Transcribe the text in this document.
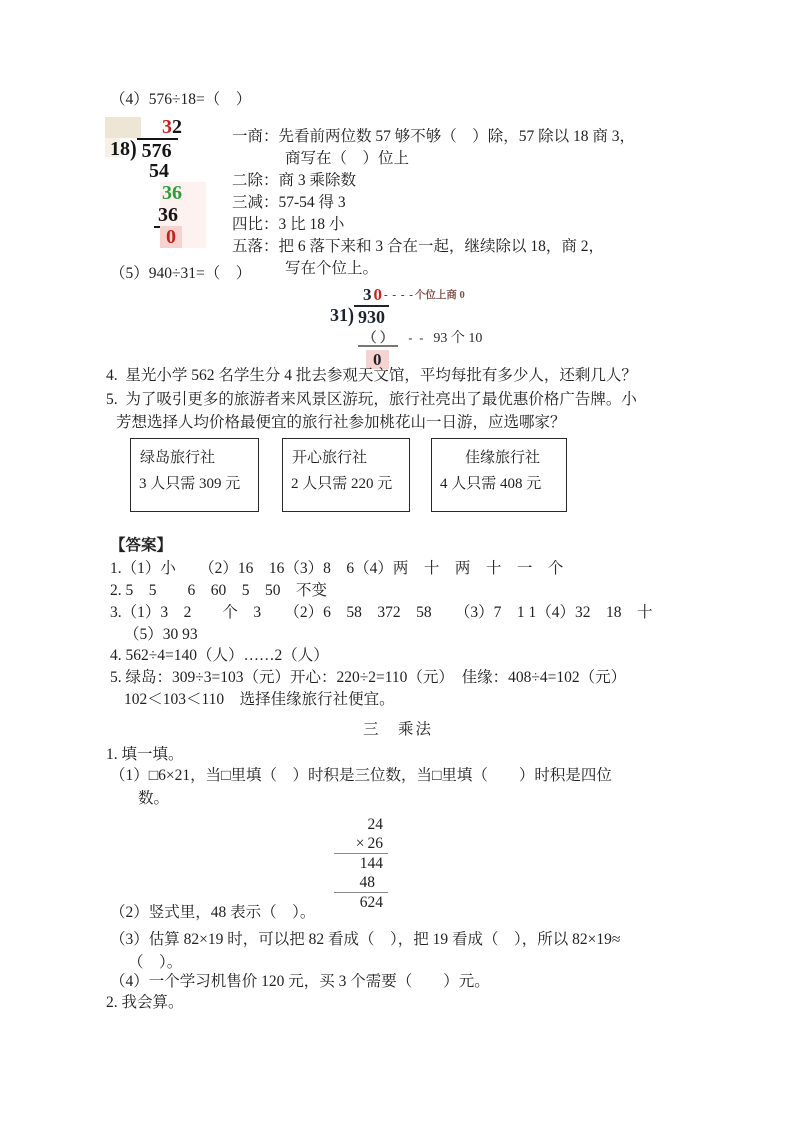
（4）576÷18=（　）
32
18 ) 576
54
36
36
0
一商：先看前两位数 57 够不够（　）除，57 除以 18 商 3，
商写在（　）位上
二除：商 3 乘除数
三减：57-54 得 3
四比：3 比 18 小
五落：把 6 落下来和 3 合在一起，继续除以 18，商 2，
写在个位上。
（5）940÷31=（　）
3 0 - - - -个位上商 0
31 ) 930
（ ） - - 93 个 10
0
4.  星光小学 562 名学生分 4 批去参观天文馆，平均每批有多少人，还剩几人？
5.  为了吸引更多的旅游者来风景区游玩，旅行社亮出了最优惠价格广告牌。小
芳想选择人均价格最便宜的旅行社参加桃花山一日游，应选哪家？
绿岛旅行社
3 人只需 309 元
开心旅行社
2 人只需 220 元
佳缘旅行社
4 人只需 408 元
【答案】
1.（1）小　　（2）16　16（3）8　6（4）两　十　两　十　一　个
2. 5　5　　6　60　5　50　不变
3.（1）3　2　　个　3　　（2）6　58　372　58　　（3）7　1 1（4）32　18　十
（5）30 93
4. 562÷4=140（人）……2（人）
5. 绿岛：309÷3=103（元）开心：220÷2=110（元）　佳缘：408÷4=102（元）
102＜103＜110　选择佳缘旅行社便宜。
三　乘法
1. 填一填。
（1）□6×21，当□里填（　）时积是三位数，当□里填（　　）时积是四位
数。
24
× 26
144
48
624
（2）竖式里，48 表示（　）。
（3）估算 82×19 时，可以把 82 看成（　），把 19 看成（　），所以 82×19≈
（　）。
（4）一个学习机售价 120 元，买 3 个需要（　　）元。
2. 我会算。
